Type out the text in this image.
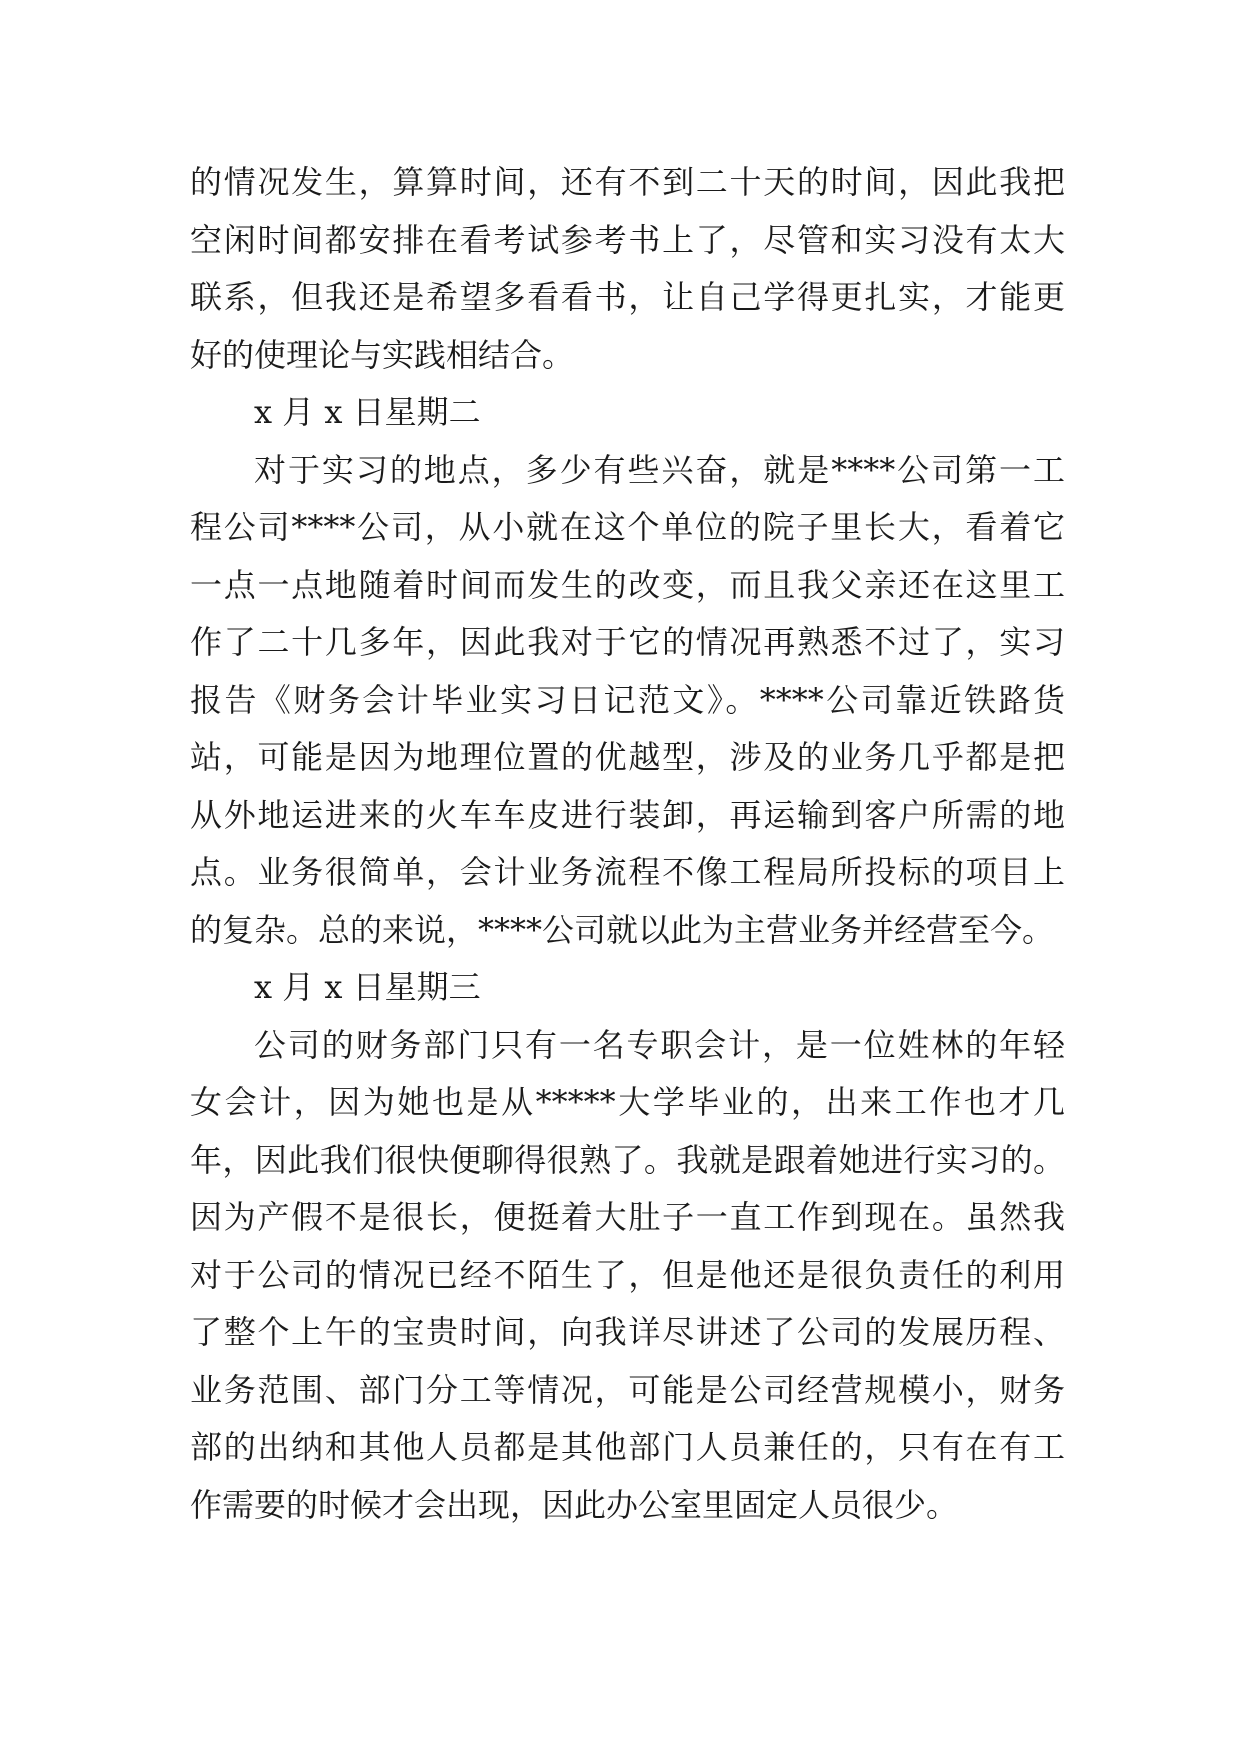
的情况发生，算算时间，还有不到二十天的时间，因此我把
空闲时间都安排在看考试参考书上了，尽管和实习没有太大
联系，但我还是希望多看看书，让自己学得更扎实，才能更
好的使理论与实践相结合。
x 月 x 日星期二
对于实习的地点，多少有些兴奋，就是****公司第一工
程公司****公司，从小就在这个单位的院子里长大，看着它
一点一点地随着时间而发生的改变，而且我父亲还在这里工
作了二十几多年，因此我对于它的情况再熟悉不过了，实习
报告《财务会计毕业实习日记范文》。****公司靠近铁路货
站，可能是因为地理位置的优越型，涉及的业务几乎都是把
从外地运进来的火车车皮进行装卸，再运输到客户所需的地
点。业务很简单，会计业务流程不像工程局所投标的项目上
的复杂。总的来说，****公司就以此为主营业务并经营至今。
x 月 x 日星期三
公司的财务部门只有一名专职会计，是一位姓林的年轻
女会计，因为她也是从*****大学毕业的，出来工作也才几
年，因此我们很快便聊得很熟了。我就是跟着她进行实习的。
因为产假不是很长，便挺着大肚子一直工作到现在。虽然我
对于公司的情况已经不陌生了，但是他还是很负责任的利用
了整个上午的宝贵时间，向我详尽讲述了公司的发展历程、
业务范围、部门分工等情况，可能是公司经营规模小，财务
部的出纳和其他人员都是其他部门人员兼任的，只有在有工
作需要的时候才会出现，因此办公室里固定人员很少。
